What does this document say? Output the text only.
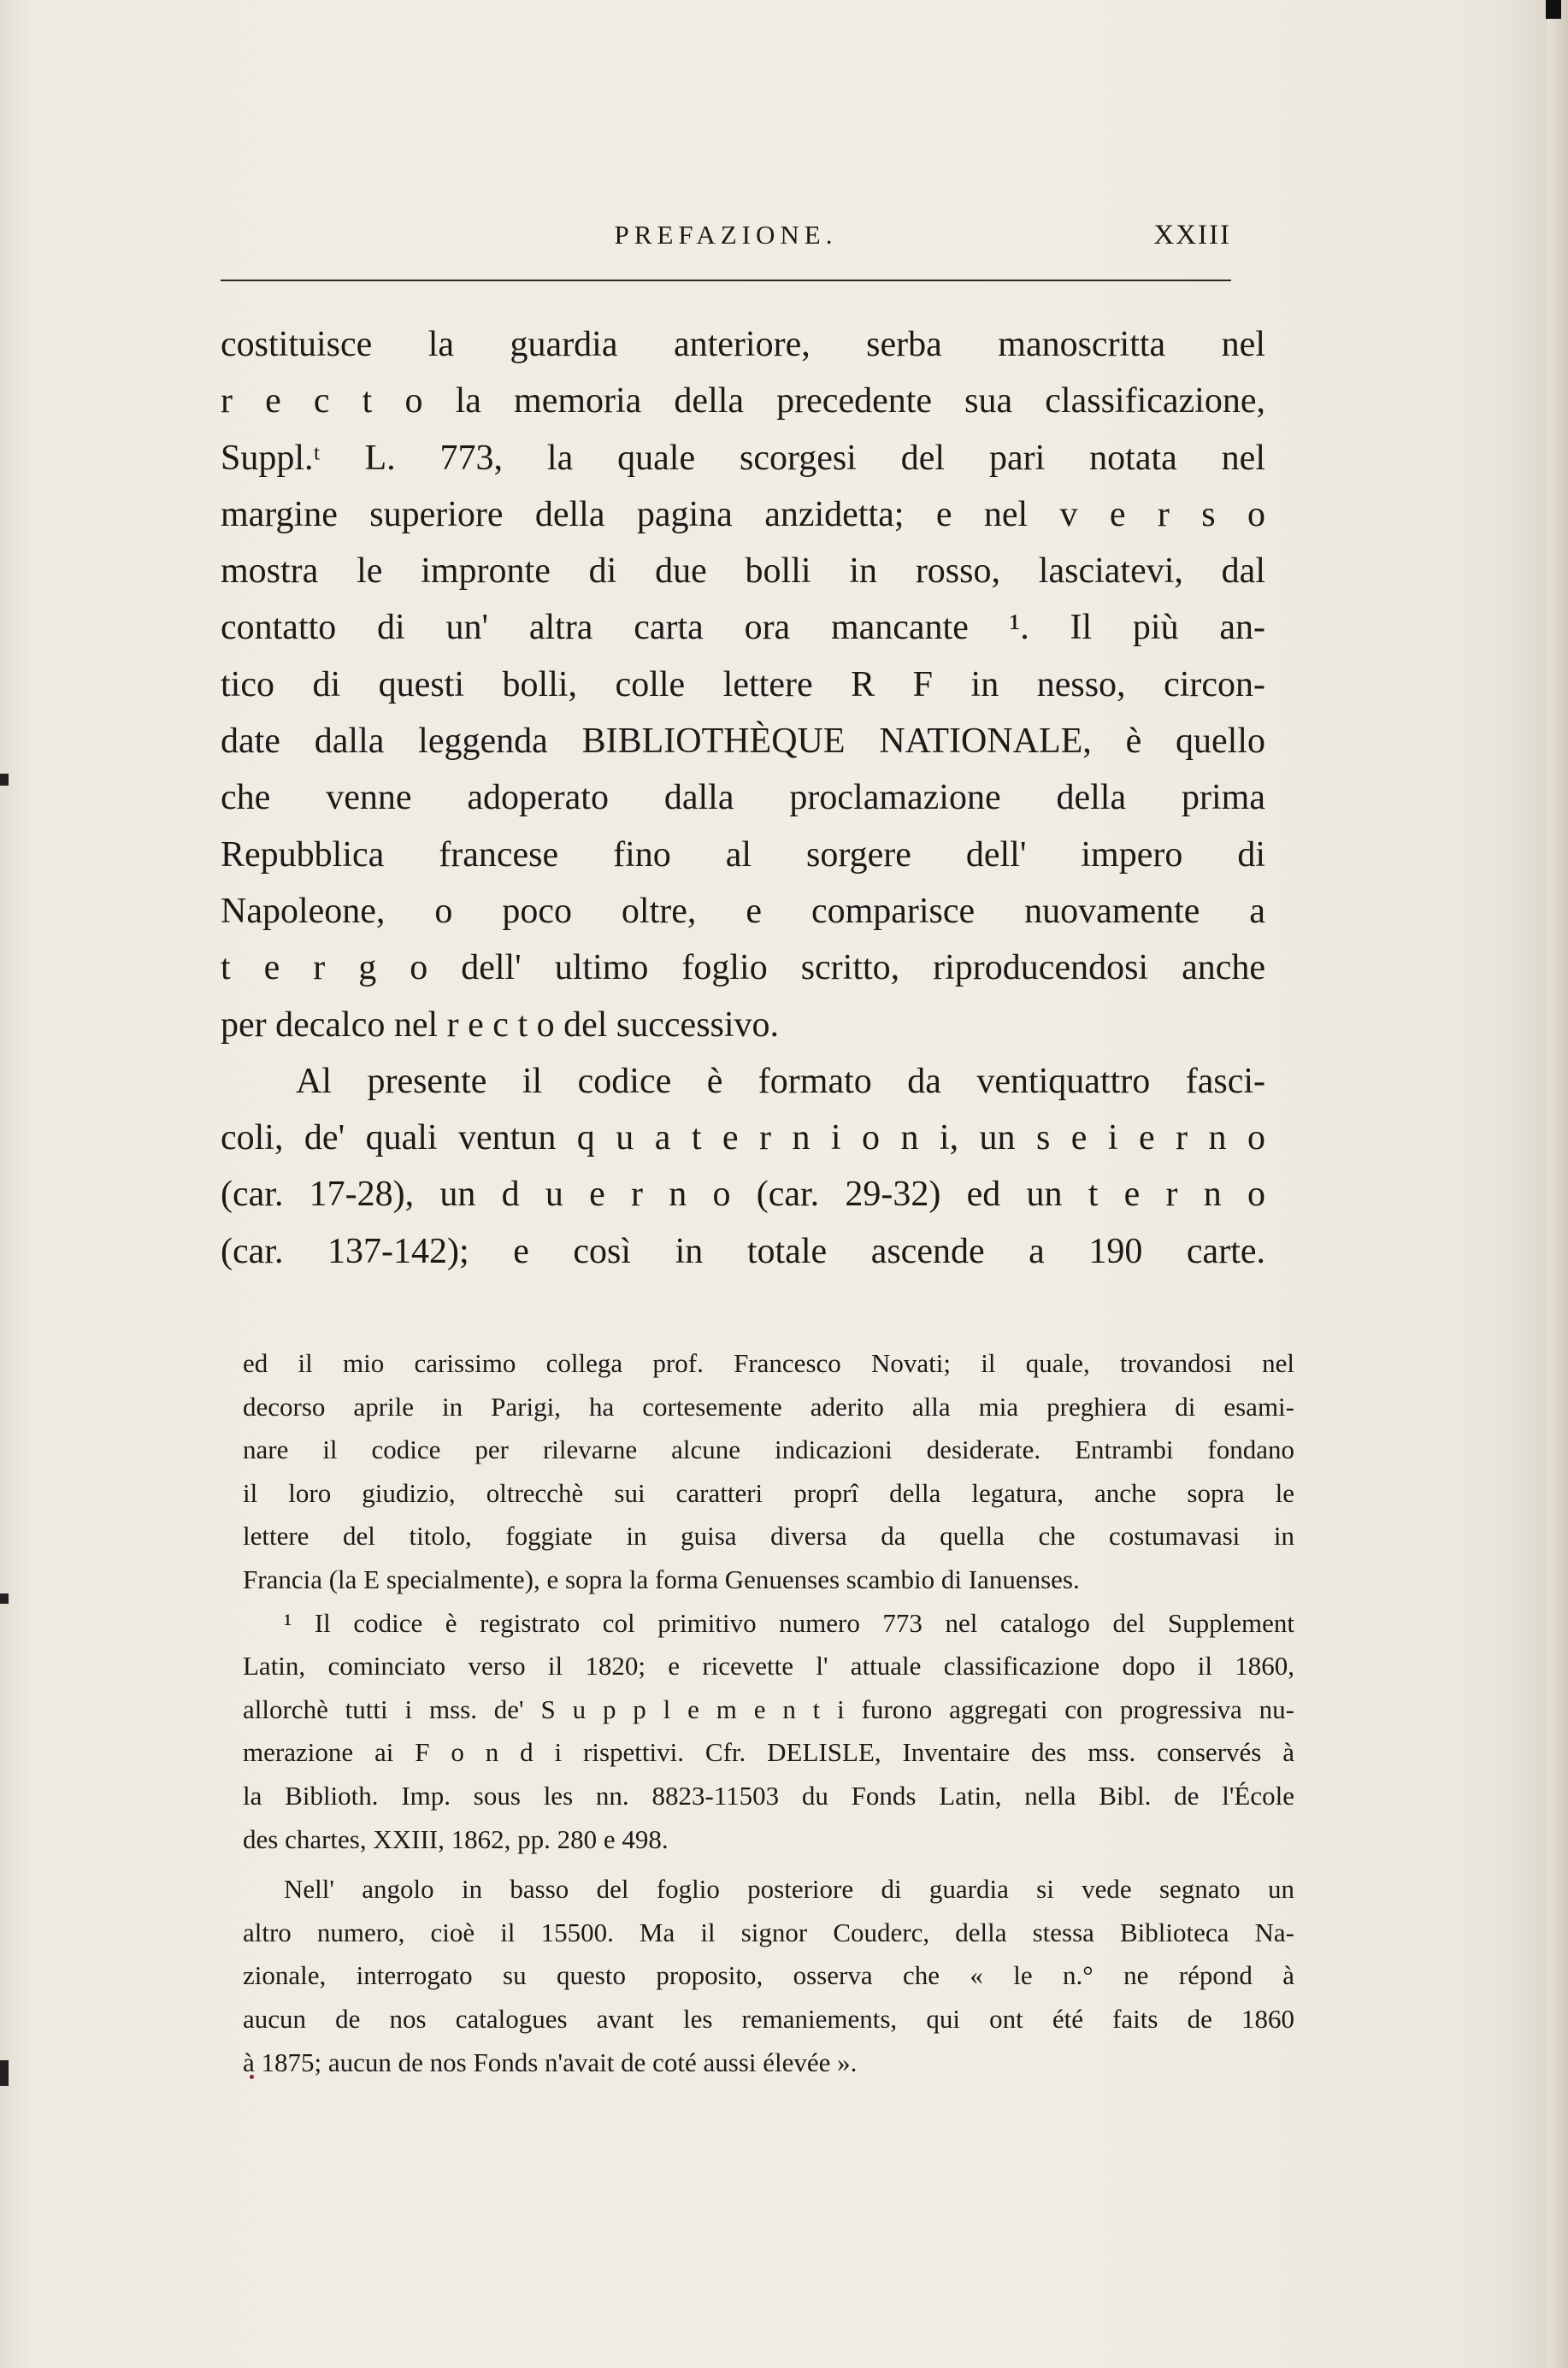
PREFAZIONE.	XXIII
costituisce la guardia anteriore, serba manoscritta nel
r e c t o la memoria della precedente sua classificazione,
Suppl.ᵗ L. 773, la quale scorgesi del pari notata nel
margine superiore della pagina anzidetta; e nel v e r s o
mostra le impronte di due bolli in rosso, lasciatevi, dal
contatto di un' altra carta ora mancante ¹. Il più an-
tico di questi bolli, colle lettere R F in nesso, circon-
date dalla leggenda BIBLIOTHÈQUE NATIONALE, è quello
che venne adoperato dalla proclamazione della prima
Repubblica francese fino al sorgere dell' impero di
Napoleone, o poco oltre, e comparisce nuovamente a
t e r g o dell' ultimo foglio scritto, riproducendosi anche
per decalco nel r e c t o del successivo.
Al presente il codice è formato da ventiquattro fasci-
coli, de' quali ventun q u a t e r n i o n i, un s e i e r n o
(car. 17-28), un d u e r n o (car. 29-32) ed un t e r n o
(car. 137-142); e così in totale ascende a 190 carte.
ed il mio carissimo collega prof. Francesco Novati; il quale, trovandosi nel
decorso aprile in Parigi, ha cortesemente aderito alla mia preghiera di esami-
nare il codice per rilevarne alcune indicazioni desiderate. Entrambi fondano
il loro giudizio, oltrecchè sui caratteri proprî della legatura, anche sopra le
lettere del titolo, foggiate in guisa diversa da quella che costumavasi in
Francia (la E specialmente), e sopra la forma Genuenses scambio di Ianuenses.
¹ Il codice è registrato col primitivo numero 773 nel catalogo del Supplement
Latin, cominciato verso il 1820; e ricevette l' attuale classificazione dopo il 1860,
allorchè tutti i mss. de' S u p p l e m e n t i furono aggregati con progressiva nu-
merazione ai F o n d i rispettivi. Cfr. DELISLE, Inventaire des mss. conservés à
la Biblioth. Imp. sous les nn. 8823-11503 du Fonds Latin, nella Bibl. de l'École
des chartes, XXIII, 1862, pp. 280 e 498.
Nell' angolo in basso del foglio posteriore di guardia si vede segnato un
altro numero, cioè il 15500. Ma il signor Couderc, della stessa Biblioteca Na-
zionale, interrogato su questo proposito, osserva che « le n.° ne répond à
aucun de nos catalogues avant les remaniements, qui ont été faits de 1860
à 1875; aucun de nos Fonds n'avait de coté aussi élevée ».
